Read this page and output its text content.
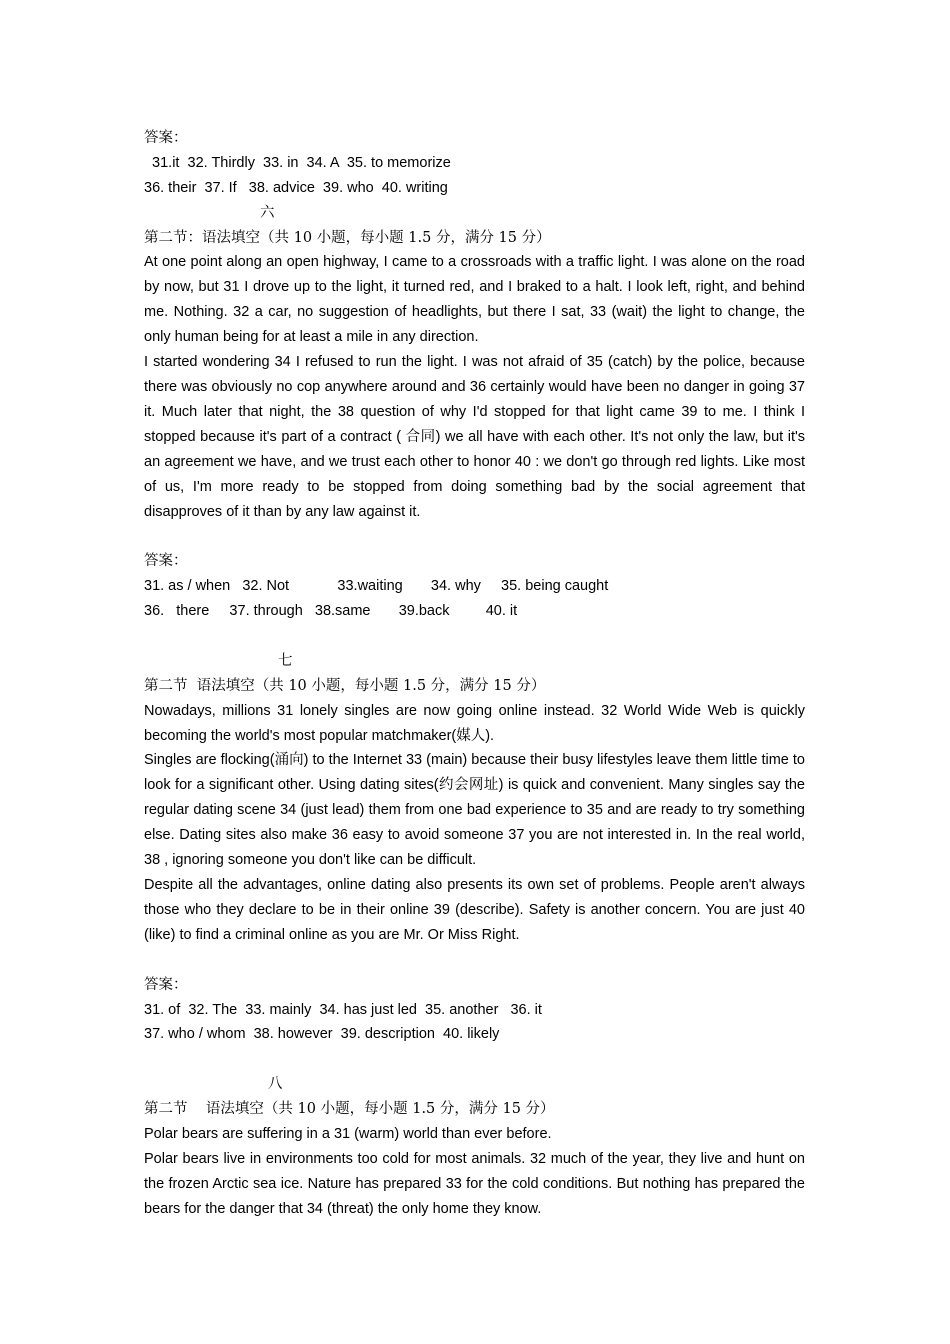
答案：
31.it  32. Thirdly  33. in  34. A  35. to memorize
36. their  37. If   38. advice  39. who  40. writing
六
第二节：语法填空（共 10 小题，每小题 1.5 分，满分 15 分）
At one point along an open highway, I came to a crossroads with a traffic light. I was alone on the road by now, but 31 I drove up to the light, it turned red, and I braked to a halt. I look left, right, and behind me. Nothing. 32 a car, no suggestion of headlights, but there I sat, 33 (wait) the light to change, the only human being for at least a mile in any direction.
I started wondering 34 I refused to run the light. I was not afraid of 35 (catch) by the police, because there was obviously no cop anywhere around and 36 certainly would have been no danger in going 37 it. Much later that night, the 38 question of why I'd stopped for that light came 39 to me. I think I stopped because it's part of a contract ( 合同) we all have with each other. It's not only the law, but it's an agreement we have, and we trust each other to honor 40 : we don't go through red lights. Like most of us, I'm more ready to be stopped from doing something bad by the social agreement that disapproves of it than by any law against it.
答案：
31. as / when   32. Not            33.waiting       34. why     35. being caught
36.   there     37. through   38.same       39.back         40. it
七
第二节  语法填空（共 10 小题，每小题 1.5 分，满分 15 分）
Nowadays, millions 31 lonely singles are now going online instead. 32 World Wide Web is quickly becoming the world's most popular matchmaker(媒人).
Singles are flocking(涌向) to the Internet 33 (main) because their busy lifestyles leave them little time to look for a significant other. Using dating sites(约会网址) is quick and convenient. Many singles say the regular dating scene 34 (just lead) them from one bad experience to 35 and are ready to try something else. Dating sites also make 36 easy to avoid someone 37 you are not interested in. In the real world, 38 , ignoring someone you don't like can be difficult.
Despite all the advantages, online dating also presents its own set of problems. People aren't always those who they declare to be in their online 39 (describe). Safety is another concern. You are just 40 (like) to find a criminal online as you are Mr. Or Miss Right.
答案：
31. of  32. The  33. mainly  34. has just led  35. another   36. it
37. who / whom  38. however  39. description  40. likely
八
第二节    语法填空（共 10 小题，每小题 1.5 分，满分 15 分）
Polar bears are suffering in a 31 (warm) world than ever before.
Polar bears live in environments too cold for most animals. 32 much of the year, they live and hunt on the frozen Arctic sea ice. Nature has prepared 33 for the cold conditions. But nothing has prepared the bears for the danger that 34 (threat) the only home they know.
